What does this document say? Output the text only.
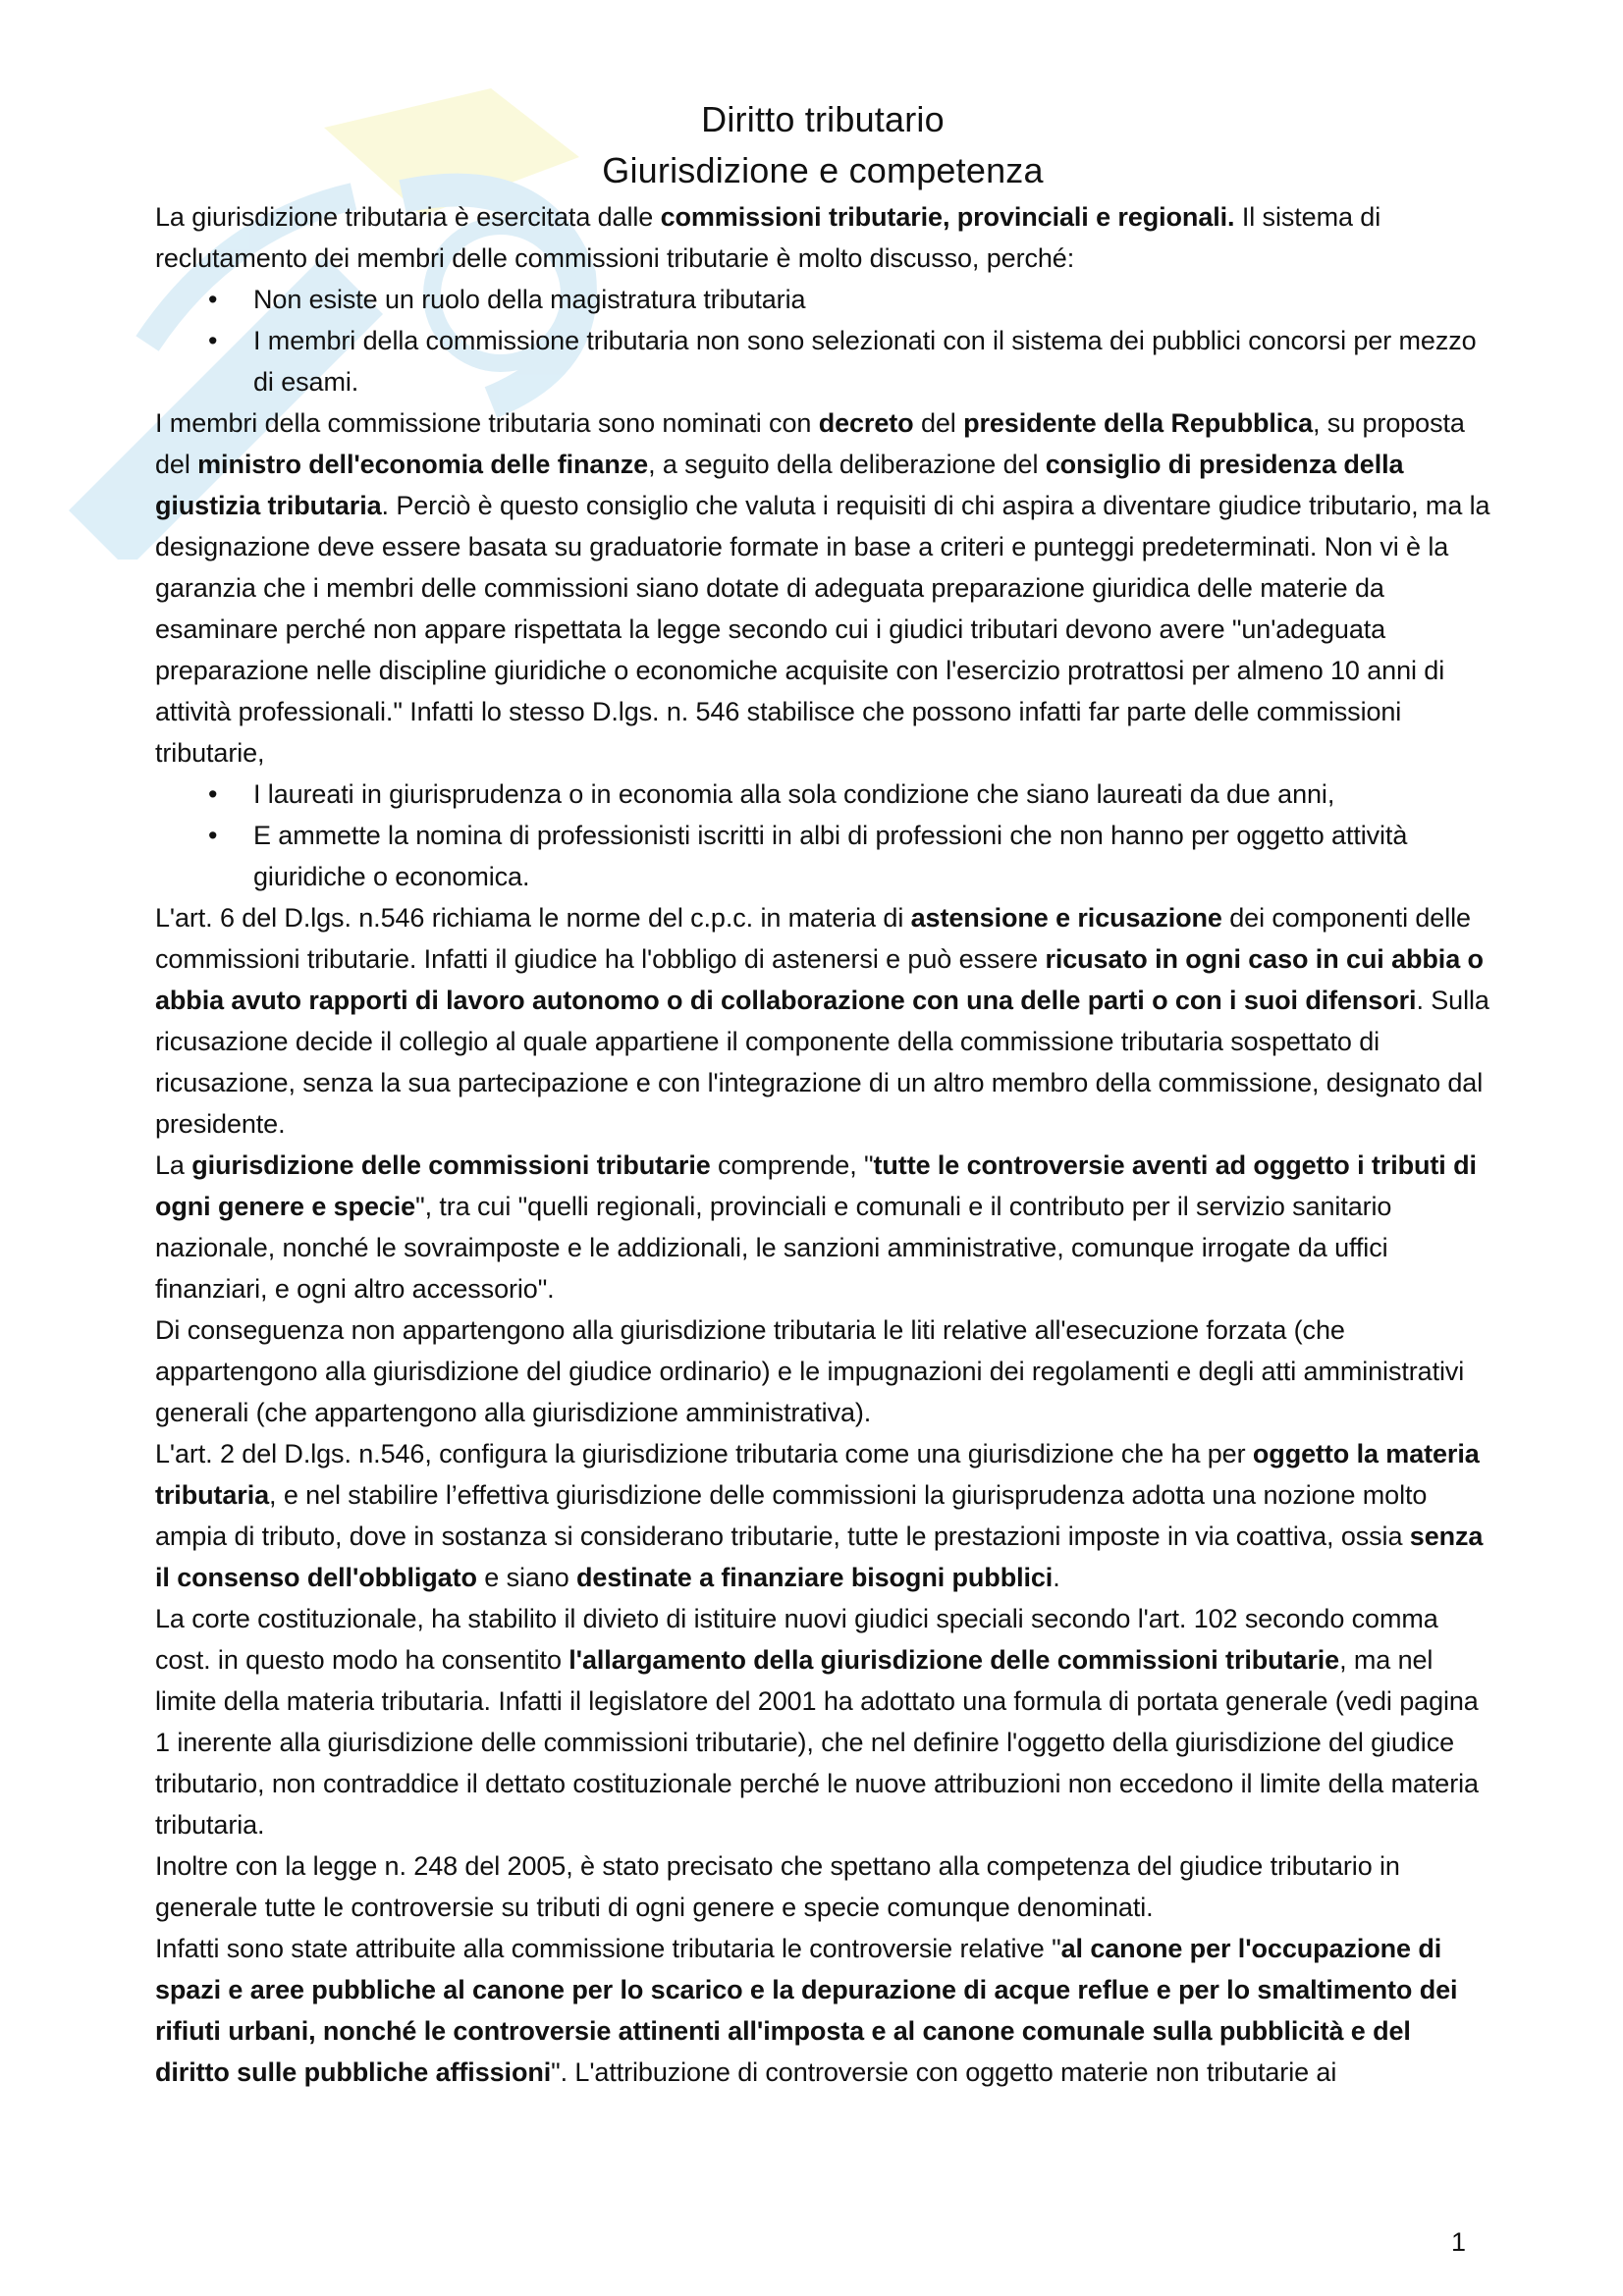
Diritto tributario
Giurisdizione e competenza

La giurisdizione tributaria è esercitata dalle commissioni tributarie, provinciali e regionali. Il sistema di reclutamento dei membri delle commissioni tributarie è molto discusso, perché:

• Non esiste un ruolo della magistratura tributaria
• I membri della commissione tributaria non sono selezionati con il sistema dei pubblici concorsi per mezzo di esami.

I membri della commissione tributaria sono nominati con decreto del presidente della Repubblica, su proposta del ministro dell'economia delle finanze, a seguito della deliberazione del consiglio di presidenza della giustizia tributaria. Perciò è questo consiglio che valuta i requisiti di chi aspira a diventare giudice tributario, ma la designazione deve essere basata su graduatorie formate in base a criteri e punteggi predeterminati. Non vi è la garanzia che i membri delle commissioni siano dotate di adeguata preparazione giuridica delle materie da esaminare perché non appare rispettata la legge secondo cui i giudici tributari devono avere "un'adeguata preparazione nelle discipline giuridiche o economiche acquisite con l'esercizio protrattosi per almeno 10 anni di attività professionali." Infatti lo stesso D.lgs. n. 546 stabilisce che possono infatti far parte delle commissioni tributarie,

• I laureati in giurisprudenza o in economia alla sola condizione che siano laureati da due anni,
• E ammette la nomina di professionisti iscritti in albi di professioni che non hanno per oggetto attività giuridiche o economica.

L'art. 6 del D.lgs. n.546 richiama le norme del c.p.c. in materia di astensione e ricusazione dei componenti delle commissioni tributarie. Infatti il giudice ha l'obbligo di astenersi e può essere ricusato in ogni caso in cui abbia o abbia avuto rapporti di lavoro autonomo o di collaborazione con una delle parti o con i suoi difensori. Sulla ricusazione decide il collegio al quale appartiene il componente della commissione tributaria sospettato di ricusazione, senza la sua partecipazione e con l'integrazione di un altro membro della commissione, designato dal presidente.

La giurisdizione delle commissioni tributarie comprende, "tutte le controversie aventi ad oggetto i tributi di ogni genere e specie", tra cui "quelli regionali, provinciali e comunali e il contributo per il servizio sanitario nazionale, nonché le sovraimposte e le addizionali, le sanzioni amministrative, comunque irrogate da uffici finanziari, e ogni altro accessorio".

Di conseguenza non appartengono alla giurisdizione tributaria le liti relative all'esecuzione forzata (che appartengono alla giurisdizione del giudice ordinario) e le impugnazioni dei regolamenti e degli atti amministrativi generali (che appartengono alla giurisdizione amministrativa).

L'art. 2 del D.lgs. n.546, configura la giurisdizione tributaria come una giurisdizione che ha per oggetto la materia tributaria, e nel stabilire l’effettiva giurisdizione delle commissioni la giurisprudenza adotta una nozione molto ampia di tributo, dove in sostanza si considerano tributarie, tutte le prestazioni imposte in via coattiva, ossia senza il consenso dell'obbligato e siano destinate a finanziare bisogni pubblici.

La corte costituzionale, ha stabilito il divieto di istituire nuovi giudici speciali secondo l'art. 102 secondo comma cost. in questo modo ha consentito l'allargamento della giurisdizione delle commissioni tributarie, ma nel limite della materia tributaria. Infatti il legislatore del 2001 ha adottato una formula di portata generale (vedi pagina 1 inerente alla giurisdizione delle commissioni tributarie), che nel definire l'oggetto della giurisdizione del giudice tributario, non contraddice il dettato costituzionale perché le nuove attribuzioni non eccedono il limite della materia tributaria.

Inoltre con la legge n. 248 del 2005, è stato precisato che spettano alla competenza del giudice tributario in generale tutte le controversie su tributi di ogni genere e specie comunque denominati.

Infatti sono state attribuite alla commissione tributaria le controversie relative "al canone per l'occupazione di spazi e aree pubbliche al canone per lo scarico e la depurazione di acque reflue e per lo smaltimento dei rifiuti urbani, nonché le controversie attinenti all'imposta e al canone comunale sulla pubblicità e del diritto sulle pubbliche affissioni". L'attribuzione di controversie con oggetto materie non tributarie ai

1
